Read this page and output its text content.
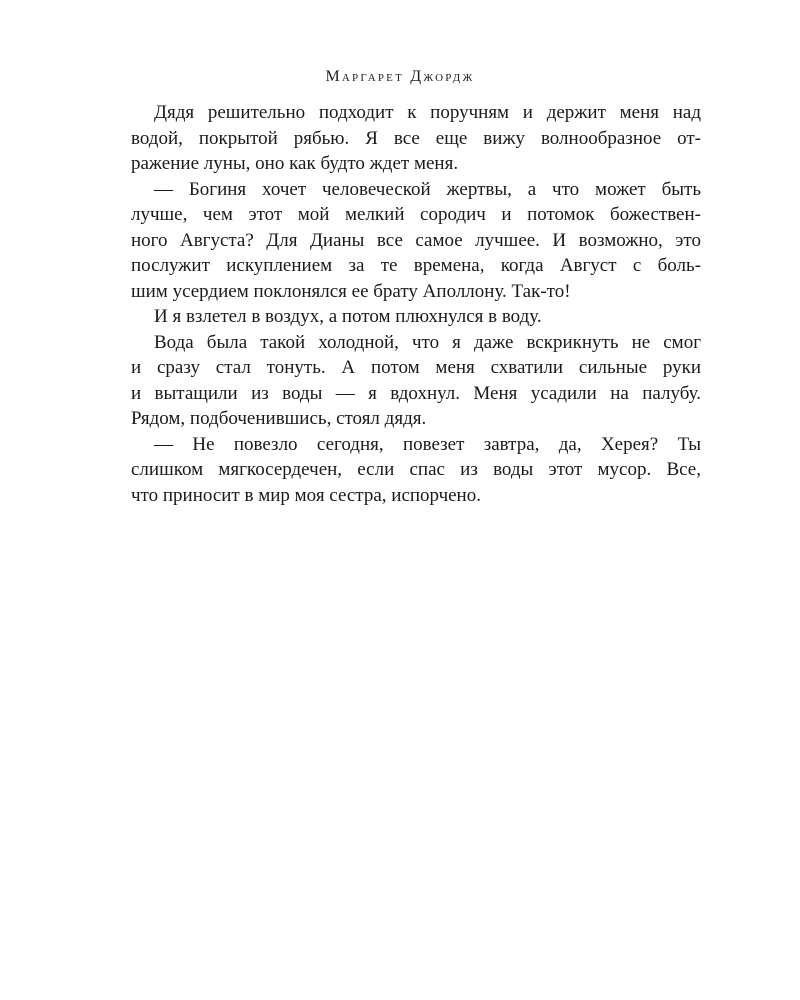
Маргарет Джордж
Дядя решительно подходит к поручням и держит меня над
водой, покрытой рябью. Я все еще вижу волнообразное от-
ражение луны, оно как будто ждет меня.
— Богиня хочет человеческой жертвы, а что может быть
лучше, чем этот мой мелкий сородич и потомок божествен-
ного Августа? Для Дианы все самое лучшее. И возможно, это
послужит искуплением за те времена, когда Август с боль-
шим усердием поклонялся ее брату Аполлону. Так-то!
И я взлетел в воздух, а потом плюхнулся в воду.
Вода была такой холодной, что я даже вскрикнуть не смог
и сразу стал тонуть. А потом меня схватили сильные руки
и вытащили из воды — я вдохнул. Меня усадили на палубу.
Рядом, подбоченившись, стоял дядя.
— Не повезло сегодня, повезет завтра, да, Херея? Ты
слишком мягкосердечен, если спас из воды этот мусор. Все,
что приносит в мир моя сестра, испорчено.
